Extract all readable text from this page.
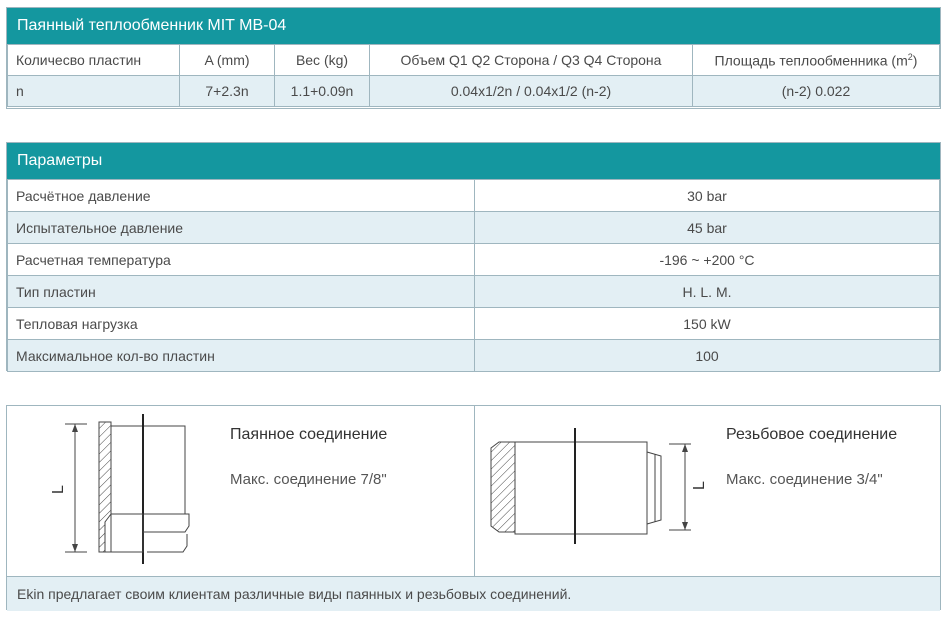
Паянный теплообменник MIT MB-04
Количесво пластин	A (mm)	Вес (kg)	Объем Q1 Q2 Сторона / Q3 Q4 Сторона	Площадь теплообменника $(m^2)$
n	7+2.3n	1.1+0.09n	0.04x1/2n / 0.04x1/2 (n-2)	(n-2) 0.022
Параметры
Расчётное давление	30 bar
Испытательное давление	45 bar
Расчетная температура	-196 ~ +200 °C
Тип пластин	H. L. M.
Тепловая нагрузка	150 kW
Максимальное кол-во пластин	100
L
Паянное соединение
Макс. соединение 7/8"	L
Резьбовое соединение
Макс. соединение 3/4"
Ekin предлагает своим клиентам различные виды паянных и резьбовых соединений.
